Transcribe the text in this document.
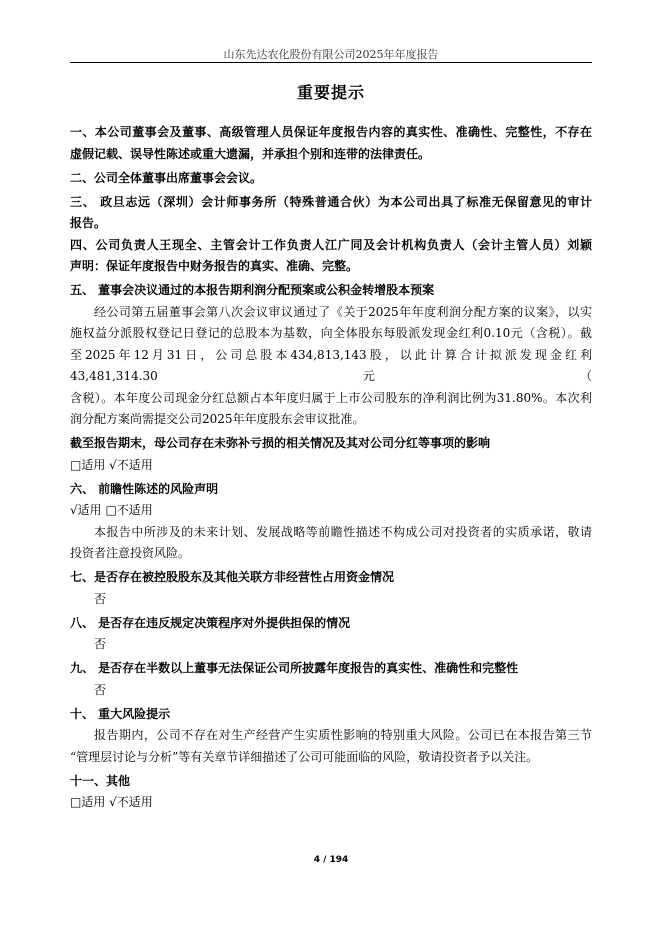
山东先达农化股份有限公司2025年年度报告
重要提示

一、本公司董事会及董事、高级管理人员保证年度报告内容的真实性、准确性、完整性，不存在

虚假记载、误导性陈述或重大遗漏，并承担个别和连带的法律责任。

二、公司全体董事出席董事会会议。

三、 政旦志远（深圳）会计师事务所（特殊普通合伙）为本公司出具了标准无保留意见的审计

报告。

四、公司负责人王现全、主管会计工作负责人江广同及会计机构负责人（会计主管人员）刘颖

声明：保证年度报告中财务报告的真实、准确、完整。

五、 董事会决议通过的本报告期利润分配预案或公积金转增股本预案

经公司第五届董事会第八次会议审议通过了《关于2025年年度利润分配方案的议案》，以实

施权益分派股权登记日登记的总股本为基数，向全体股东每股派发现金红利0.10元（含税）。截

至2025年12月31日，公司总股本434,813,143股，以此计算合计拟派发现金红利43,481,314.30元（

含税）。本年度公司现金分红总额占本年度归属于上市公司股东的净利润比例为31.80%。本次利

润分配方案尚需提交公司2025年年度股东会审议批准。

截至报告期末，母公司存在未弥补亏损的相关情况及其对公司分红等事项的影响

□适用 √不适用

六、 前瞻性陈述的风险声明

√适用 □不适用

本报告中所涉及的未来计划、发展战略等前瞻性描述不构成公司对投资者的实质承诺，敬请

投资者注意投资风险。

七、是否存在被控股股东及其他关联方非经营性占用资金情况

否

八、 是否存在违反规定决策程序对外提供担保的情况

否

九、 是否存在半数以上董事无法保证公司所披露年度报告的真实性、准确性和完整性

否

十、 重大风险提示

报告期内，公司不存在对生产经营产生实质性影响的特别重大风险。公司已在本报告第三节

“管理层讨论与分析”等有关章节详细描述了公司可能面临的风险，敬请投资者予以关注。

十一、其他

□适用 √不适用

4 / 194
